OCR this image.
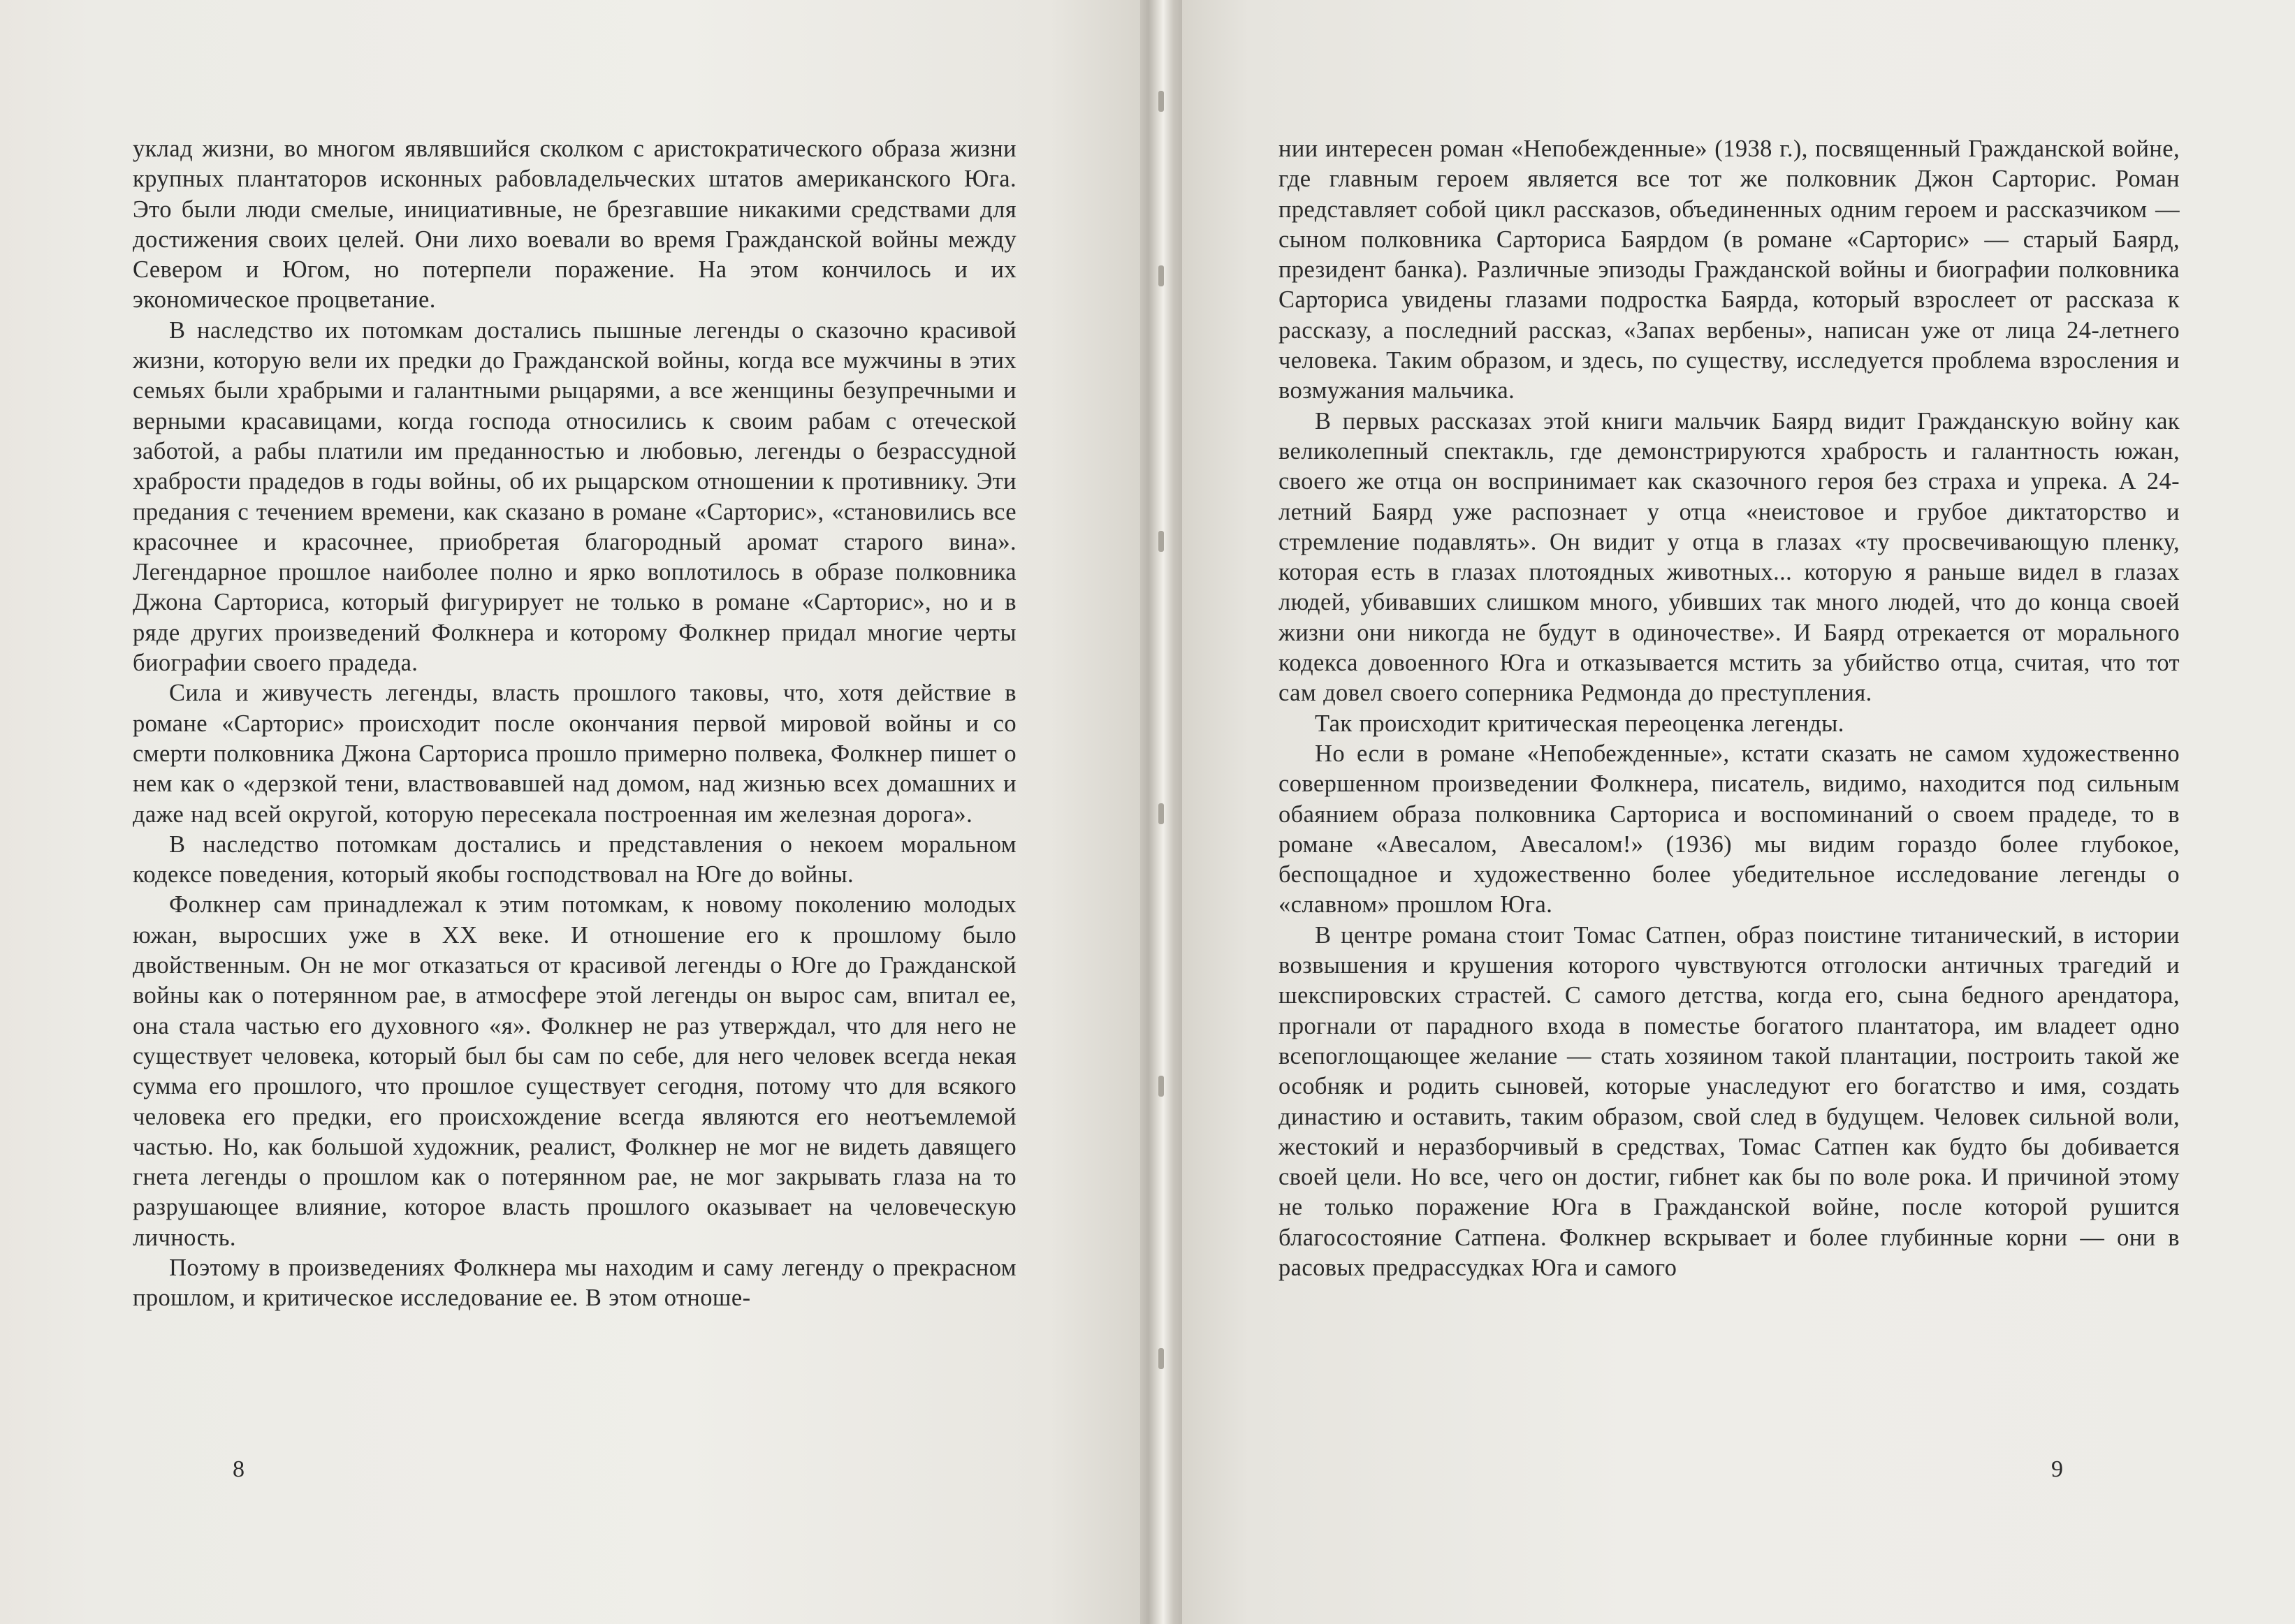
уклад жизни, во многом являвшийся сколком с аристократического образа жизни крупных плантаторов исконных рабовладельческих штатов американского Юга. Это были люди смелые, инициативные, не брезгавшие никакими средствами для достижения своих целей. Они лихо воевали во время Гражданской войны между Севером и Югом, но потерпели поражение. На этом кончилось и их экономическое процветание.

В наследство их потомкам достались пышные легенды о сказочно красивой жизни, которую вели их предки до Гражданской войны, когда все мужчины в этих семьях были храбрыми и галантными рыцарями, а все женщины безупречными и верными красавицами, когда господа относились к своим рабам с отеческой заботой, а рабы платили им преданностью и любовью, легенды о безрассудной храбрости прадедов в годы войны, об их рыцарском отношении к противнику. Эти предания с течением времени, как сказано в романе «Сарторис», «становились все красочнее и красочнее, приобретая благородный аромат старого вина». Легендарное прошлое наиболее полно и ярко воплотилось в образе полковника Джона Сарториса, который фигурирует не только в романе «Сарторис», но и в ряде других произведений Фолкнера и которому Фолкнер придал многие черты биографии своего прадеда.

Сила и живучесть легенды, власть прошлого таковы, что, хотя действие в романе «Сарторис» происходит после окончания первой мировой войны и со смерти полковника Джона Сарториса прошло примерно полвека, Фолкнер пишет о нем как о «дерзкой тени, властвовавшей над домом, над жизнью всех домашних и даже над всей округой, которую пересекала построенная им железная дорога».

В наследство потомкам достались и представления о некоем моральном кодексе поведения, который якобы господствовал на Юге до войны.

Фолкнер сам принадлежал к этим потомкам, к новому поколению молодых южан, выросших уже в XX веке. И отношение его к прошлому было двойственным. Он не мог отказаться от красивой легенды о Юге до Гражданской войны как о потерянном рае, в атмосфере этой легенды он вырос сам, впитал ее, она стала частью его духовного «я». Фолкнер не раз утверждал, что для него не существует человека, который был бы сам по себе, для него человек всегда некая сумма его прошлого, что прошлое существует сегодня, потому что для всякого человека его предки, его происхождение всегда являются его неотъемлемой частью. Но, как большой художник, реалист, Фолкнер не мог не видеть давящего гнета легенды о прошлом как о потерянном рае, не мог закрывать глаза на то разрушающее влияние, которое власть прошлого оказывает на человеческую личность.

Поэтому в произведениях Фолкнера мы находим и саму легенду о прекрасном прошлом, и критическое исследование ее. В этом отноше-

8

нии интересен роман «Непобежденные» (1938 г.), посвященный Гражданской войне, где главным героем является все тот же полковник Джон Сарторис. Роман представляет собой цикл рассказов, объединенных одним героем и рассказчиком — сыном полковника Сарториса Баярдом (в романе «Сарторис» — старый Баярд, президент банка). Различные эпизоды Гражданской войны и биографии полковника Сарториса увидены глазами подростка Баярда, который взрослеет от рассказа к рассказу, а последний рассказ, «Запах вербены», написан уже от лица 24-летнего человека. Таким образом, и здесь, по существу, исследуется проблема взросления и возмужания мальчика.

В первых рассказах этой книги мальчик Баярд видит Гражданскую войну как великолепный спектакль, где демонстрируются храбрость и галантность южан, своего же отца он воспринимает как сказочного героя без страха и упрека. А 24-летний Баярд уже распознает у отца «неистовое и грубое диктаторство и стремление подавлять». Он видит у отца в глазах «ту просвечивающую пленку, которая есть в глазах плотоядных животных... которую я раньше видел в глазах людей, убивавших слишком много, убивших так много людей, что до конца своей жизни они никогда не будут в одиночестве». И Баярд отрекается от морального кодекса довоенного Юга и отказывается мстить за убийство отца, считая, что тот сам довел своего соперника Редмонда до преступления.

Так происходит критическая переоценка легенды.

Но если в романе «Непобежденные», кстати сказать не самом художественно совершенном произведении Фолкнера, писатель, видимо, находится под сильным обаянием образа полковника Сарториса и воспоминаний о своем прадеде, то в романе «Авесалом, Авесалом!» (1936) мы видим гораздо более глубокое, беспощадное и художественно более убедительное исследование легенды о «славном» прошлом Юга.

В центре романа стоит Томас Сатпен, образ поистине титанический, в истории возвышения и крушения которого чувствуются отголоски античных трагедий и шекспировских страстей. С самого детства, когда его, сына бедного арендатора, прогнали от парадного входа в поместье богатого плантатора, им владеет одно всепоглощающее желание — стать хозяином такой плантации, построить такой же особняк и родить сыновей, которые унаследуют его богатство и имя, создать династию и оставить, таким образом, свой след в будущем. Человек сильной воли, жестокий и неразборчивый в средствах, Томас Сатпен как будто бы добивается своей цели. Но все, чего он достиг, гибнет как бы по воле рока. И причиной этому не только поражение Юга в Гражданской войне, после которой рушится благосостояние Сатпена. Фолкнер вскрывает и более глубинные корни — они в расовых предрассудках Юга и самого

9
